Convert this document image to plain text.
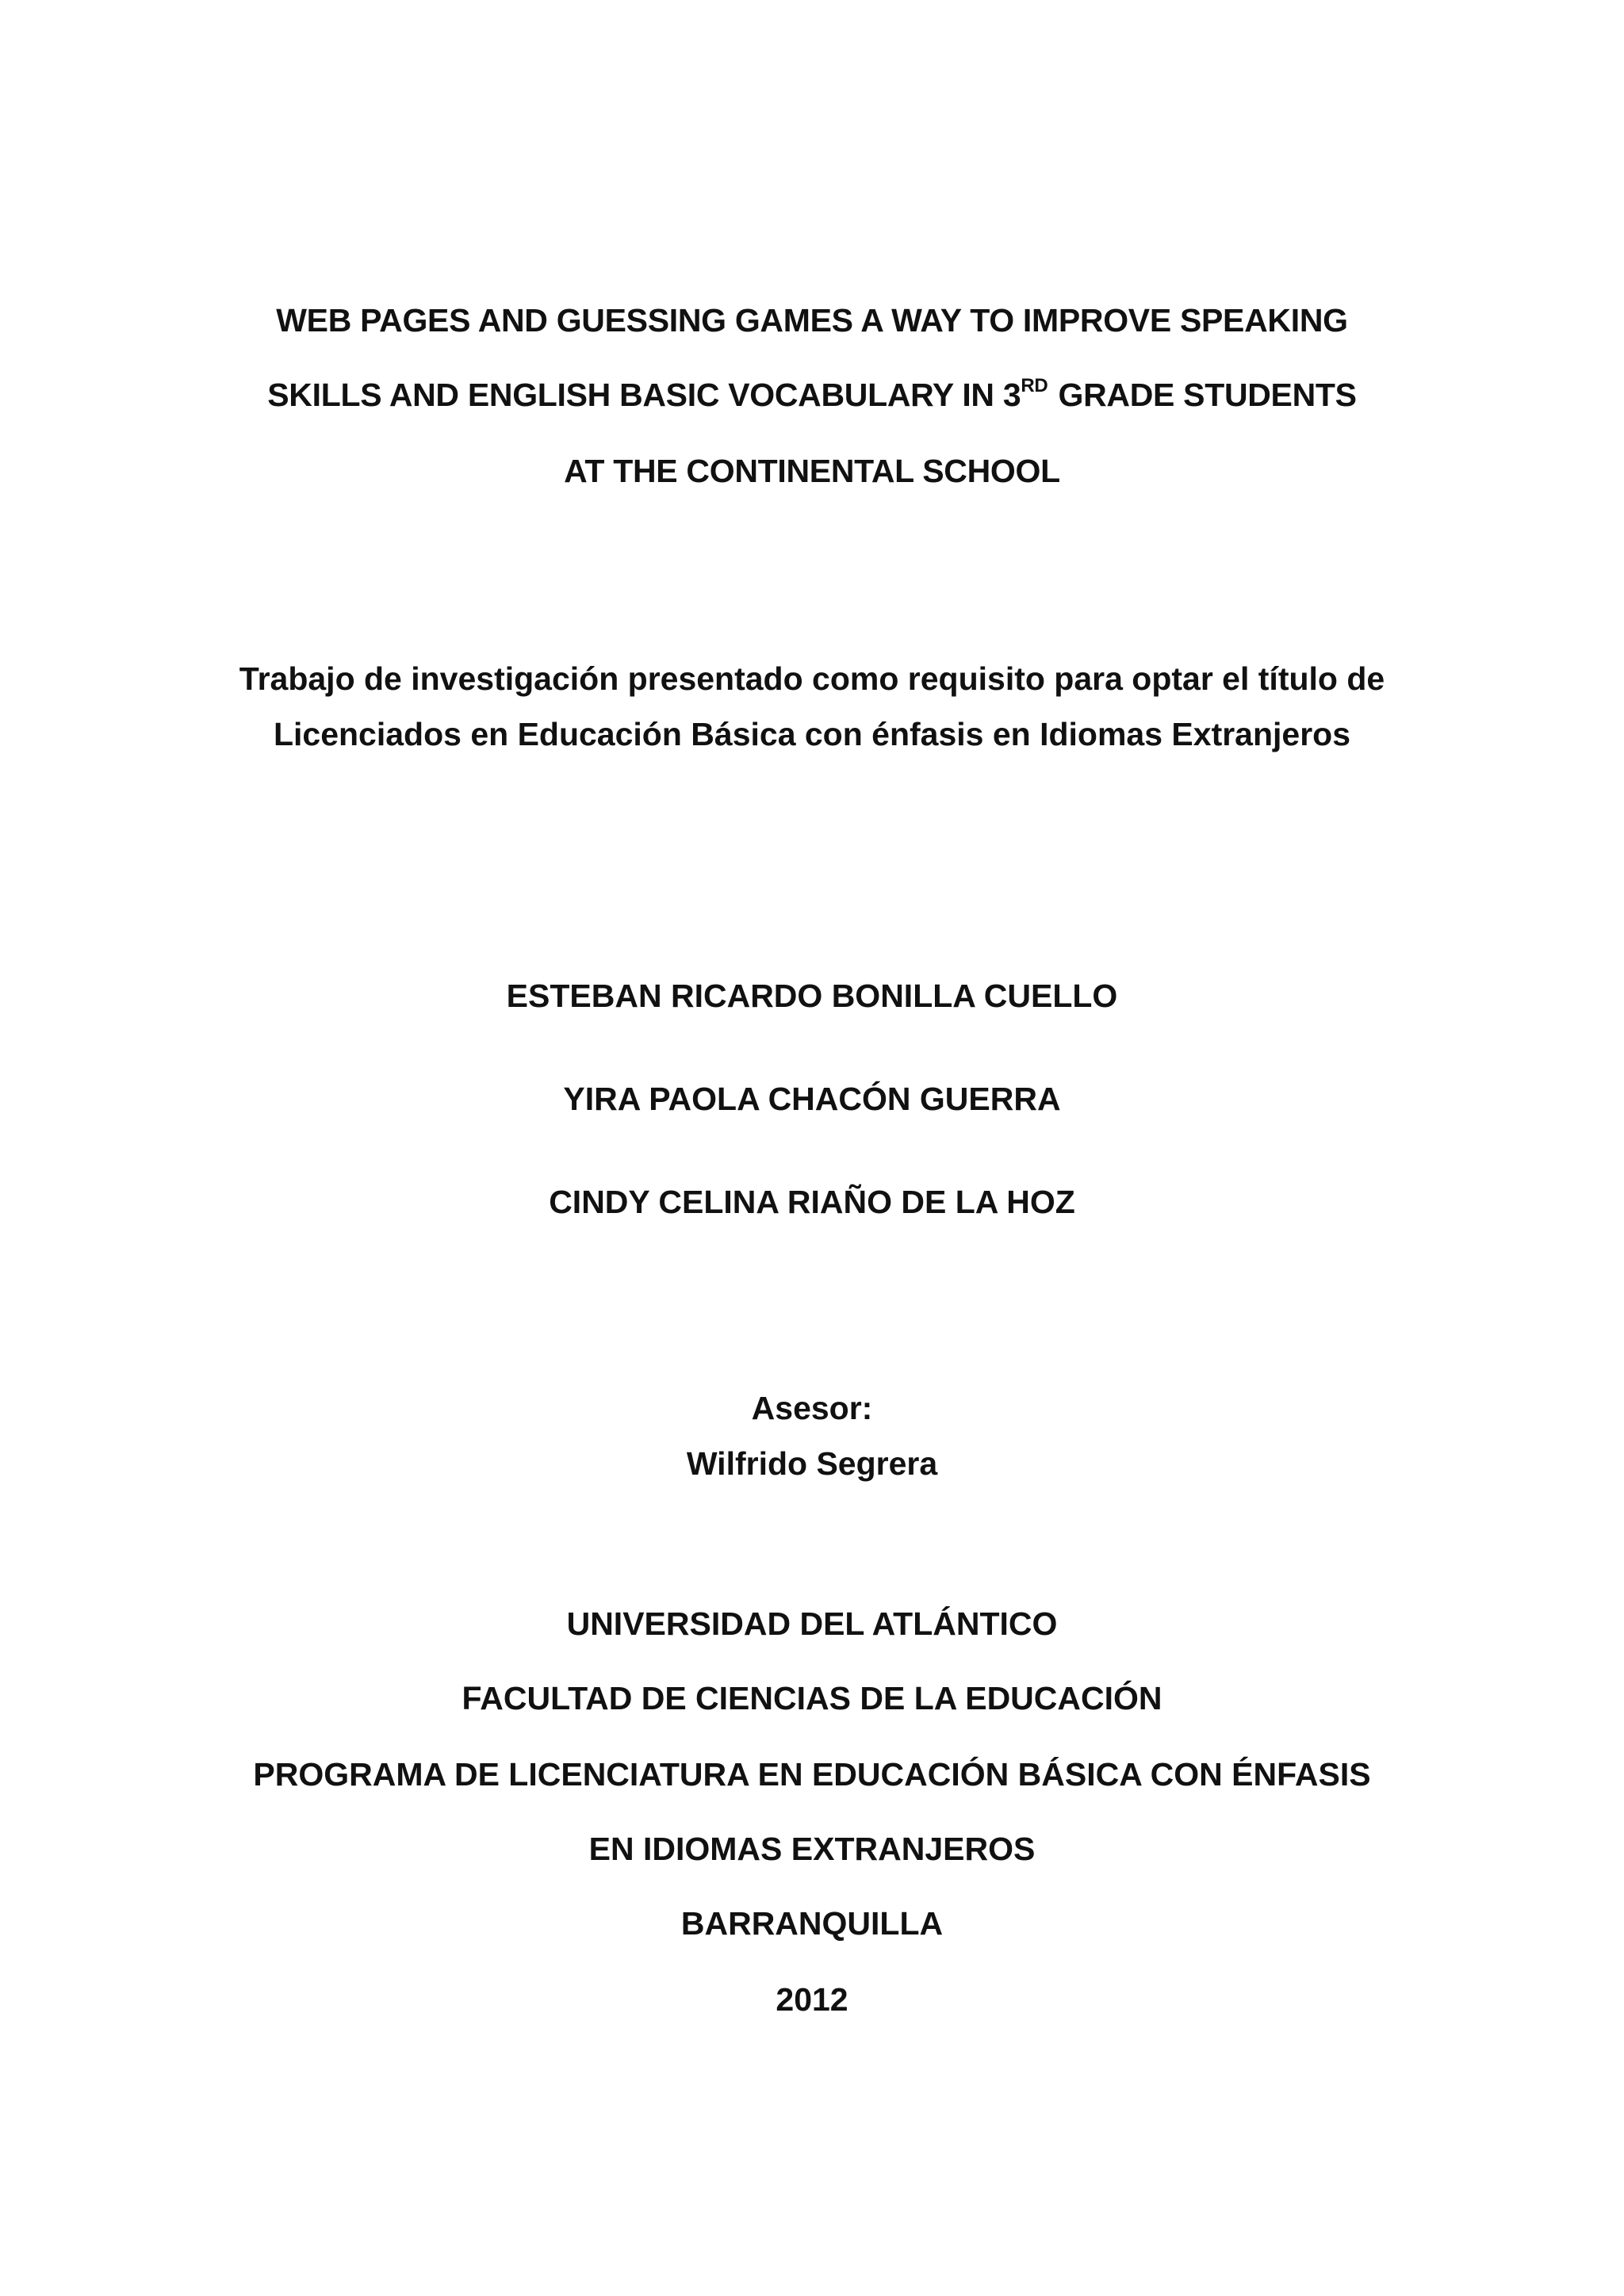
WEB PAGES AND GUESSING GAMES A WAY TO IMPROVE SPEAKING
SKILLS AND ENGLISH BASIC VOCABULARY IN 3RD GRADE STUDENTS
AT THE CONTINENTAL SCHOOL
Trabajo de investigación presentado como requisito para optar el título de
Licenciados en Educación Básica con énfasis en Idiomas Extranjeros
ESTEBAN RICARDO BONILLA CUELLO
YIRA PAOLA CHACÓN GUERRA
CINDY CELINA RIAÑO DE LA HOZ
Asesor:
Wilfrido Segrera
UNIVERSIDAD DEL ATLÁNTICO
FACULTAD DE CIENCIAS DE LA EDUCACIÓN
PROGRAMA DE LICENCIATURA EN EDUCACIÓN BÁSICA CON ÉNFASIS
EN IDIOMAS EXTRANJEROS
BARRANQUILLA
2012
